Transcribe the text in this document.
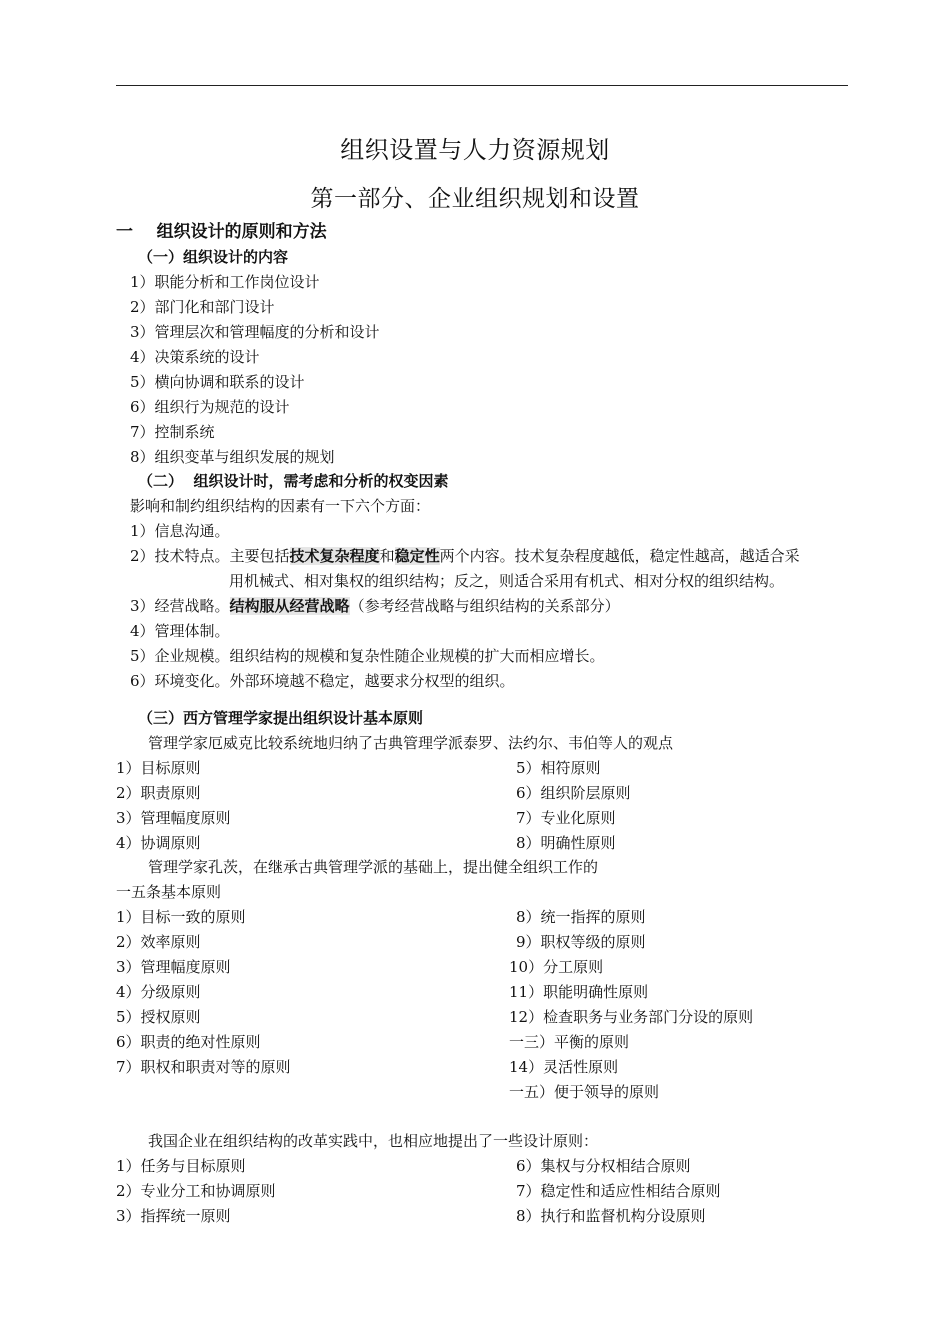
组织设置与人力资源规划
第一部分、企业组织规划和设置
一    组织设计的原则和方法
（一）组织设计的内容
1）职能分析和工作岗位设计
2）部门化和部门设计
3）管理层次和管理幅度的分析和设计
4）决策系统的设计
5）横向协调和联系的设计
6）组织行为规范的设计
7）控制系统
8）组织变革与组织发展的规划
（二）  组织设计时，需考虑和分析的权变因素
影响和制约组织结构的因素有一下六个方面：
1）信息沟通。
2）技术特点。主要包括技术复杂程度和稳定性两个内容。技术复杂程度越低，稳定性越高，越适合采
用机械式、相对集权的组织结构；反之，则适合采用有机式、相对分权的组织结构。
3）经营战略。结构服从经营战略（参考经营战略与组织结构的关系部分）
4）管理体制。
5）企业规模。组织结构的规模和复杂性随企业规模的扩大而相应增长。
6）环境变化。外部环境越不稳定，越要求分权型的组织。
（三）西方管理学家提出组织设计基本原则
管理学家厄威克比较系统地归纳了古典管理学派泰罗、法约尔、韦伯等人的观点
1）目标原则
2）职责原则
3）管理幅度原则
4）协调原则
5）相符原则
6）组织阶层原则
7）专业化原则
8）明确性原则
管理学家孔茨，在继承古典管理学派的基础上，提出健全组织工作的
一五条基本原则
1）目标一致的原则
2）效率原则
3）管理幅度原则
4）分级原则
5）授权原则
6）职责的绝对性原则
7）职权和职责对等的原则
8）统一指挥的原则
9）职权等级的原则
10）分工原则
11）职能明确性原则
12）检查职务与业务部门分设的原则
一三）平衡的原则
14）灵活性原则
一五）便于领导的原则
我国企业在组织结构的改革实践中，也相应地提出了一些设计原则：
1）任务与目标原则
2）专业分工和协调原则
3）指挥统一原则
6）集权与分权相结合原则
7）稳定性和适应性相结合原则
8）执行和监督机构分设原则
